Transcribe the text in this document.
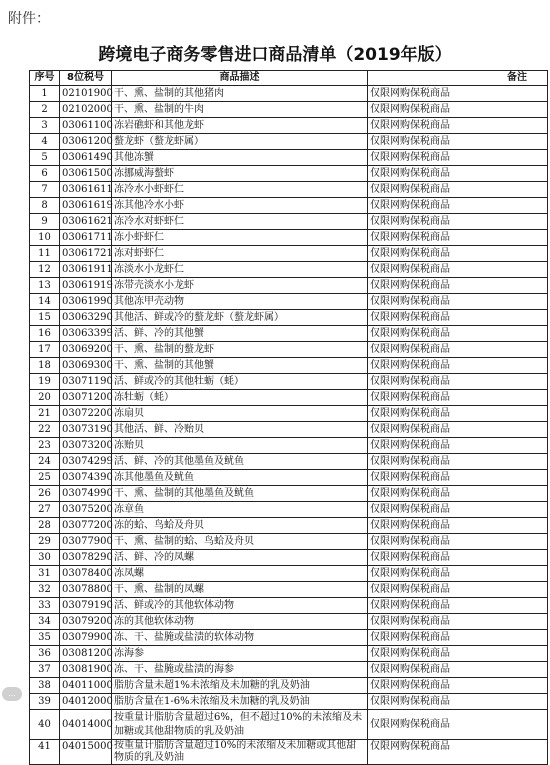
附件：
跨境电子商务零售进口商品清单（2019年版）
序号	8位税号	商品描述	备注
1	02101900	干、熏、盐制的其他猪肉	仅限网购保税商品
2	02102000	干、熏、盐制的牛肉	仅限网购保税商品
3	03061100	冻岩礁虾和其他龙虾	仅限网购保税商品
4	03061200	螯龙虾（螯龙虾属）	仅限网购保税商品
5	03061490	其他冻蟹	仅限网购保税商品
6	03061500	冻挪威海螯虾	仅限网购保税商品
7	03061611	冻冷水小虾虾仁	仅限网购保税商品
8	03061619	冻其他冷水小虾	仅限网购保税商品
9	03061621	冻冷水对虾虾仁	仅限网购保税商品
10	03061711	冻小虾虾仁	仅限网购保税商品
11	03061721	冻对虾虾仁	仅限网购保税商品
12	03061911	冻淡水小龙虾仁	仅限网购保税商品
13	03061919	冻带壳淡水小龙虾	仅限网购保税商品
14	03061990	其他冻甲壳动物	仅限网购保税商品
15	03063290	其他活、鲜或冷的螯龙虾（螯龙虾属）	仅限网购保税商品
16	03063399	活、鲜、冷的其他蟹	仅限网购保税商品
17	03069200	干、熏、盐制的螯龙虾	仅限网购保税商品
18	03069300	干、熏、盐制的其他蟹	仅限网购保税商品
19	03071190	活、鲜或冷的其他牡蛎（蚝）	仅限网购保税商品
20	03071200	冻牡蛎（蚝）	仅限网购保税商品
21	03072200	冻扇贝	仅限网购保税商品
22	03073190	其他活、鲜、冷贻贝	仅限网购保税商品
23	03073200	冻贻贝	仅限网购保税商品
24	03074299	活、鲜、冷的其他墨鱼及鱿鱼	仅限网购保税商品
25	03074390	冻其他墨鱼及鱿鱼	仅限网购保税商品
26	03074990	干、熏、盐制的其他墨鱼及鱿鱼	仅限网购保税商品
27	03075200	冻章鱼	仅限网购保税商品
28	03077200	冻的蛤、鸟蛤及舟贝	仅限网购保税商品
29	03077900	干、熏、盐制的蛤、鸟蛤及舟贝	仅限网购保税商品
30	03078290	活、鲜、冷的凤螺	仅限网购保税商品
31	03078400	冻凤螺	仅限网购保税商品
32	03078800	干、熏、盐制的凤螺	仅限网购保税商品
33	03079190	活、鲜或冷的其他软体动物	仅限网购保税商品
34	03079200	冻的其他软体动物	仅限网购保税商品
35	03079900	冻、干、盐腌或盐渍的软体动物	仅限网购保税商品
36	03081200	冻海参	仅限网购保税商品
37	03081900	冻、干、盐腌或盐渍的海参	仅限网购保税商品
38	04011000	脂肪含量未超1%未浓缩及未加糖的乳及奶油	仅限网购保税商品
39	04012000	脂肪含量在1-6%未浓缩及未加糖的乳及奶油	仅限网购保税商品
40	04014000	按重量计脂肪含量超过6%，但不超过10%的未浓缩及未加糖或其他甜物质的乳及奶油	仅限网购保税商品
41	04015000	按重量计脂肪含量超过10%的未浓缩及未加糖或其他甜物质的乳及奶油	仅限网购保税商品
...
